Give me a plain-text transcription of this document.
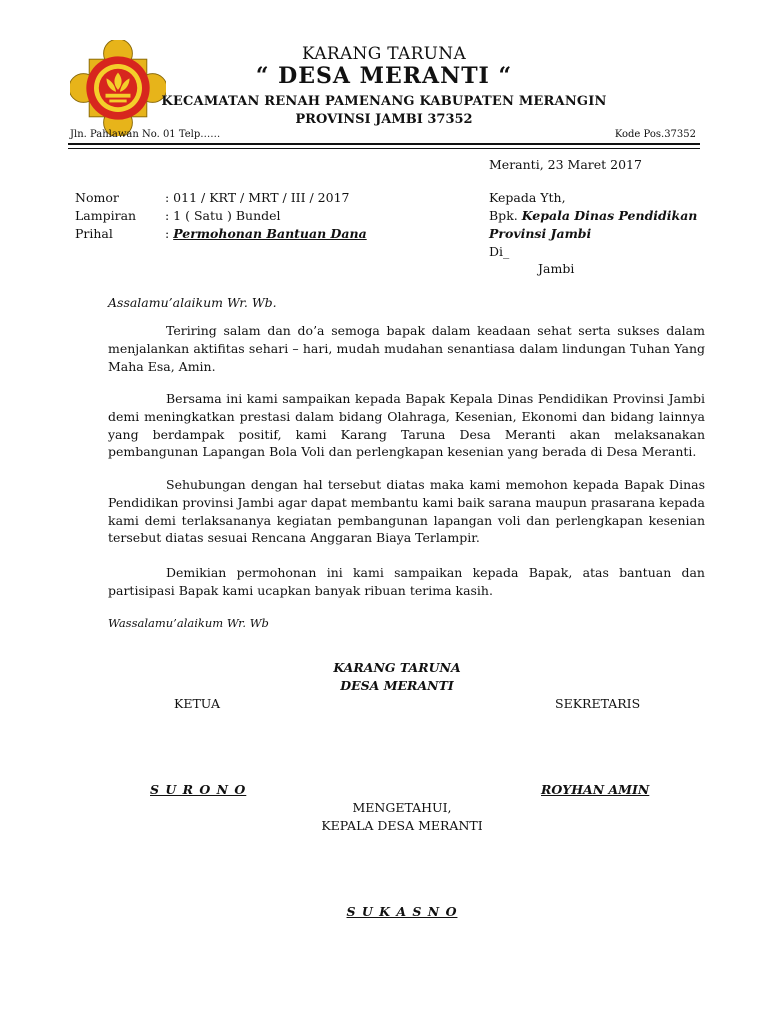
KARANG TARUNA
“ DESA MERANTI “
KECAMATAN RENAH PAMENANG KABUPATEN MERANGIN
PROVINSI JAMBI 37352
Jln. Pahlawan No. 01 Telp……	Kode Pos.37352
Meranti, 23 Maret 2017
Nomor	: 011 / KRT / MRT / III / 2017
Lampiran : 1 ( Satu ) Bundel
Prihal	: Permohonan Bantuan Dana
Kepada Yth,
Bpk. Kepala Dinas Pendidikan
Provinsi Jambi
Di_
Jambi
Assalamu’alaikum Wr. Wb.
Teriring salam dan do’a semoga bapak dalam keadaan sehat serta sukses dalam menjalankan aktifitas sehari – hari, mudah mudahan senantiasa dalam lindungan Tuhan Yang Maha Esa, Amin.
Bersama ini kami sampaikan kepada Bapak Kepala Dinas Pendidikan Provinsi Jambi demi meningkatkan prestasi dalam bidang Olahraga, Kesenian, Ekonomi dan bidang lainnya yang berdampak positif, kami Karang Taruna Desa Meranti akan melaksanakan pembangunan Lapangan Bola Voli dan perlengkapan kesenian yang berada di Desa Meranti.
Sehubungan dengan hal tersebut diatas maka kami memohon kepada Bapak Dinas Pendidikan provinsi Jambi agar dapat membantu kami baik sarana maupun prasarana kepada kami demi terlaksananya kegiatan pembangunan lapangan voli dan perlengkapan kesenian tersebut diatas sesuai Rencana Anggaran Biaya Terlampir.
Demikian permohonan ini kami sampaikan kepada Bapak, atas bantuan dan partisipasi Bapak kami ucapkan banyak ribuan terima kasih.
Wassalamu’alaikum Wr. Wb
KARANG TARUNA
DESA MERANTI
KETUA	SEKRETARIS
S U R O N O	ROYHAN AMIN
MENGETAHUI,
KEPALA DESA MERANTI
S U K A S N O
